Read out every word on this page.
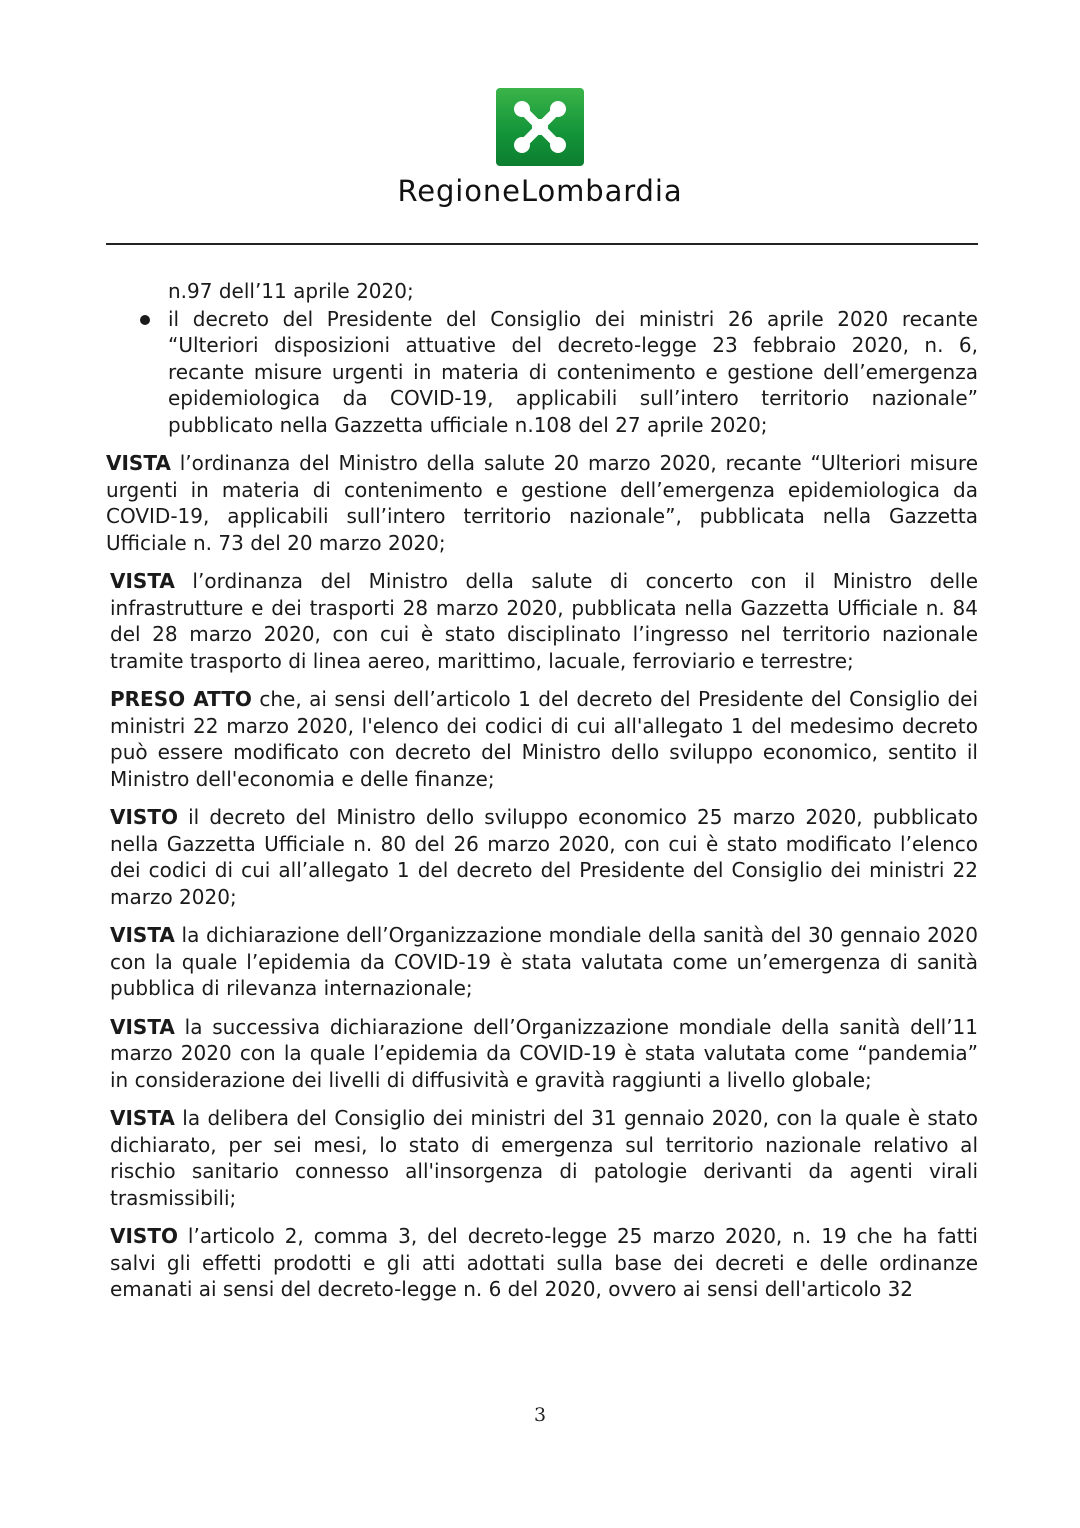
RegioneLombardia

n.97 dell’11 aprile 2020;

il decreto del Presidente del Consiglio dei ministri 26 aprile 2020 recante “Ulteriori disposizioni attuative del decreto-legge 23 febbraio 2020, n. 6, recante misure urgenti in materia di contenimento e gestione dell’emergenza epidemiologica da COVID-19, applicabili sull’intero territorio nazionale” pubblicato nella Gazzetta ufficiale n.108 del 27 aprile 2020;

VISTA l’ordinanza del Ministro della salute 20 marzo 2020, recante “Ulteriori misure urgenti in materia di contenimento e gestione dell’emergenza epidemiologica da COVID-19, applicabili sull’intero territorio nazionale”, pubblicata nella Gazzetta Ufficiale n. 73 del 20 marzo 2020;

VISTA l’ordinanza del Ministro della salute di concerto con il Ministro delle infrastrutture e dei trasporti 28 marzo 2020, pubblicata nella Gazzetta Ufficiale n. 84 del 28 marzo 2020, con cui è stato disciplinato l’ingresso nel territorio nazionale tramite trasporto di linea aereo, marittimo, lacuale, ferroviario e terrestre;

PRESO ATTO che, ai sensi dell’articolo 1 del decreto del Presidente del Consiglio dei ministri 22 marzo 2020, l'elenco dei codici di cui all'allegato 1 del medesimo decreto può essere modificato con decreto del Ministro dello sviluppo economico, sentito il Ministro dell'economia e delle finanze;

VISTO il decreto del Ministro dello sviluppo economico 25 marzo 2020, pubblicato nella Gazzetta Ufficiale n. 80 del 26 marzo 2020, con cui è stato modificato l’elenco dei codici di cui all’allegato 1 del decreto del Presidente del Consiglio dei ministri 22 marzo 2020;

VISTA la dichiarazione dell’Organizzazione mondiale della sanità del 30 gennaio 2020 con la quale l’epidemia da COVID-19 è stata valutata come un’emergenza di sanità pubblica di rilevanza internazionale;

VISTA la successiva dichiarazione dell’Organizzazione mondiale della sanità dell’11 marzo 2020 con la quale l’epidemia da COVID-19 è stata valutata come “pandemia” in considerazione dei livelli di diffusività e gravità raggiunti a livello globale;

VISTA la delibera del Consiglio dei ministri del 31 gennaio 2020, con la quale è stato dichiarato, per sei mesi, lo stato di emergenza sul territorio nazionale relativo al rischio sanitario connesso all'insorgenza di patologie derivanti da agenti virali trasmissibili;

VISTO l’articolo 2, comma 3, del decreto-legge 25 marzo 2020, n. 19 che ha fatti salvi gli effetti prodotti e gli atti adottati sulla base dei decreti e delle ordinanze emanati ai sensi del decreto-legge n. 6 del 2020, ovvero ai sensi dell'articolo 32

3
